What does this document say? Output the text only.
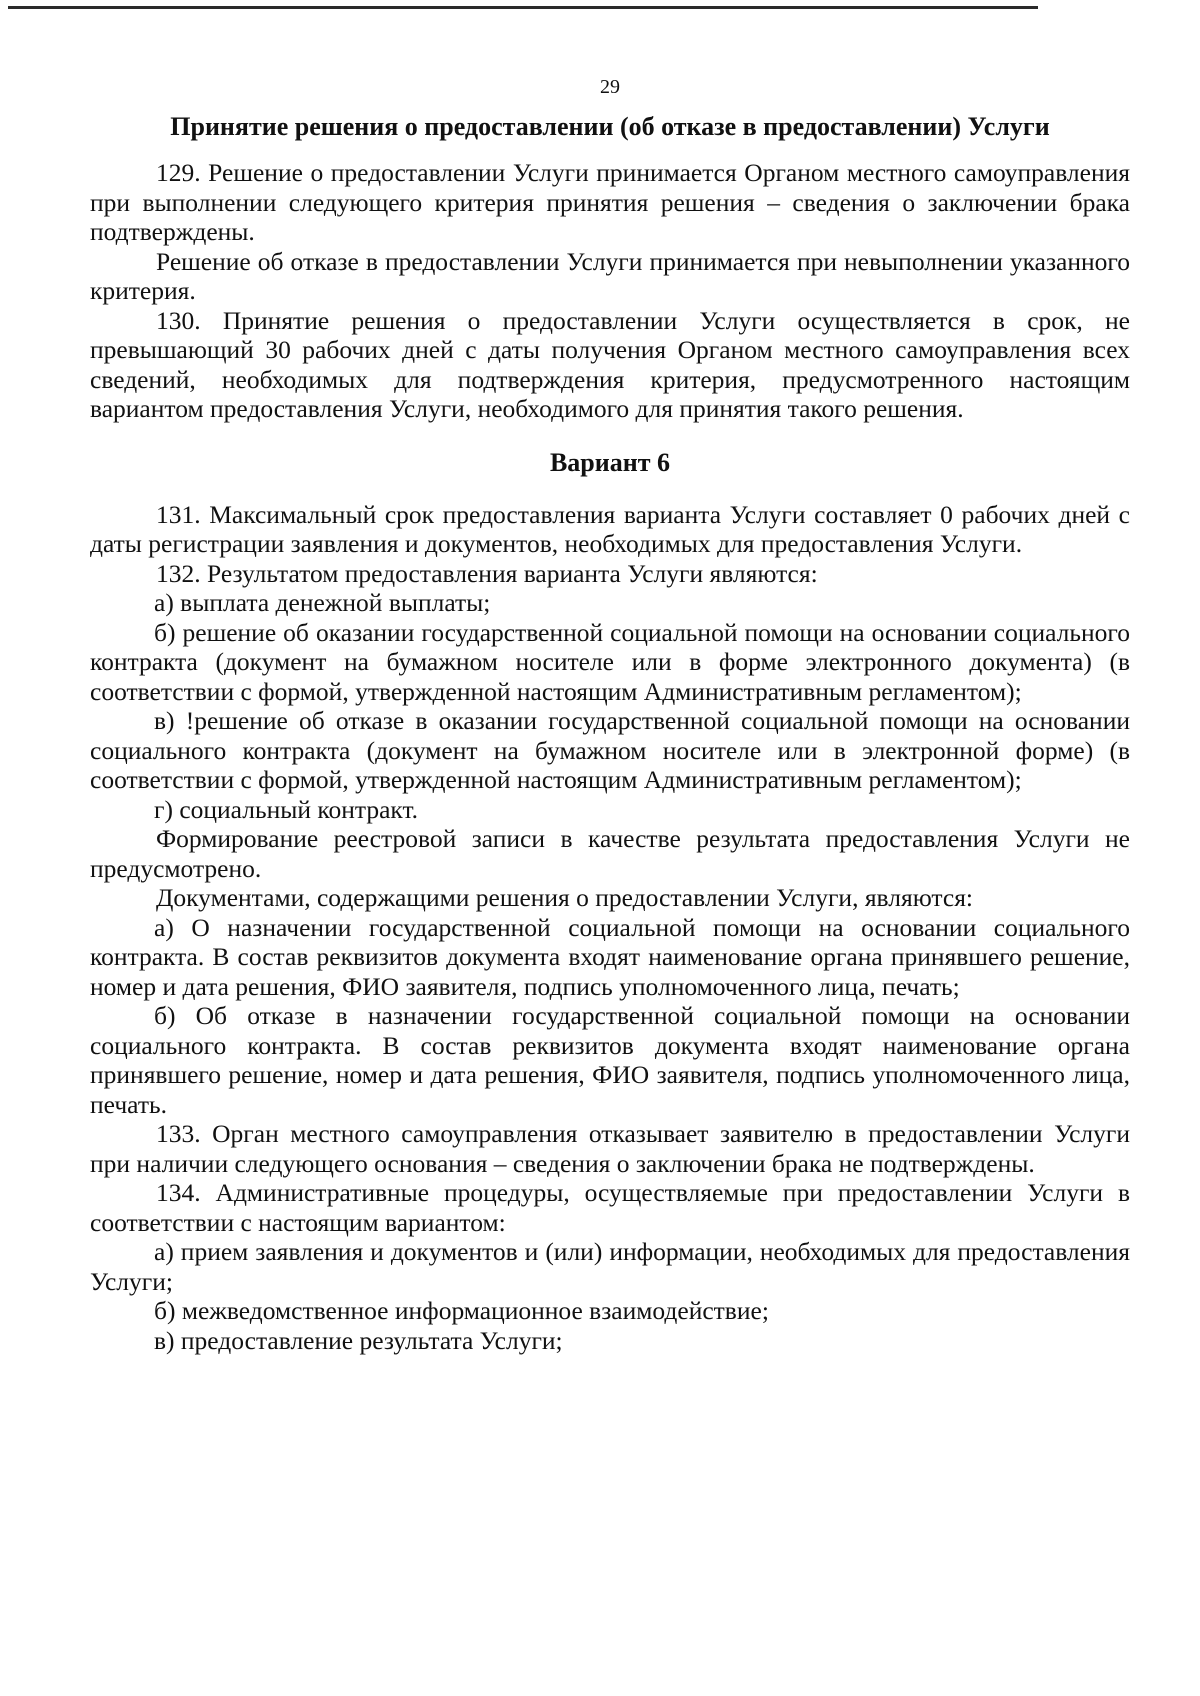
29
Принятие решения о предоставлении (об отказе в предоставлении) Услуги

129. Решение о предоставлении Услуги принимается Органом местного самоуправления при выполнении следующего критерия принятия решения – сведения о заключении брака подтверждены.

Решение об отказе в предоставлении Услуги принимается при невыполнении указанного критерия.

130. Принятие решения о предоставлении Услуги осуществляется в срок, не превышающий 30 рабочих дней с даты получения Органом местного самоуправления всех сведений, необходимых для подтверждения критерия, предусмотренного настоящим вариантом предоставления Услуги, необходимого для принятия такого решения.

Вариант 6

131. Максимальный срок предоставления варианта Услуги составляет 0 рабочих дней с даты регистрации заявления и документов, необходимых для предоставления Услуги.

132. Результатом предоставления варианта Услуги являются:

а) выплата денежной выплаты;

б) решение об оказании государственной социальной помощи на основании социального контракта (документ на бумажном носителе или в форме электронного документа) (в соответствии с формой, утвержденной настоящим Административным регламентом);

в) !решение об отказе в оказании государственной социальной помощи на основании социального контракта (документ на бумажном носителе или в электронной форме) (в соответствии с формой, утвержденной настоящим Административным регламентом);

г) социальный контракт.

Формирование реестровой записи в качестве результата предоставления Услуги не предусмотрено.

Документами, содержащими решения о предоставлении Услуги, являются:

а) О назначении государственной социальной помощи на основании социального контракта. В состав реквизитов документа входят наименование органа принявшего решение, номер и дата решения, ФИО заявителя, подпись уполномоченного лица, печать;

б) Об отказе в назначении государственной социальной помощи на основании социального контракта. В состав реквизитов документа входят наименование органа принявшего решение, номер и дата решения, ФИО заявителя, подпись уполномоченного лица, печать.

133. Орган местного самоуправления отказывает заявителю в предоставлении Услуги при наличии следующего основания – сведения о заключении брака не подтверждены.

134. Административные процедуры, осуществляемые при предоставлении Услуги в соответствии с настоящим вариантом:

а) прием заявления и документов и (или) информации, необходимых для предоставления Услуги;

б) межведомственное информационное взаимодействие;

в) предоставление результата Услуги;
